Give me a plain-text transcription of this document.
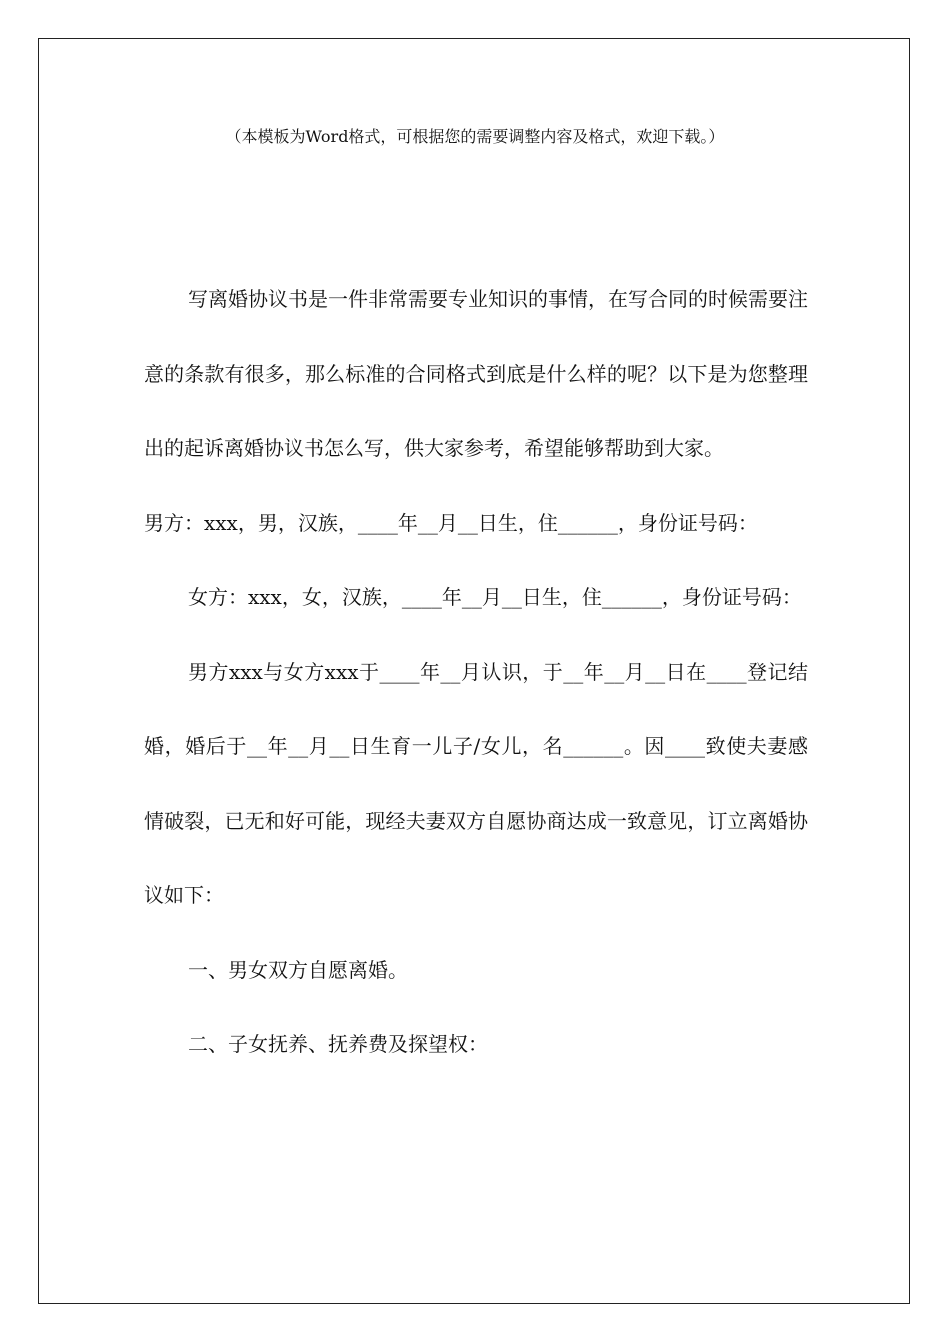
（本模板为Word格式，可根据您的需要调整内容及格式，欢迎下载。）

写离婚协议书是一件非常需要专业知识的事情，在写合同的时候需要注意的条款有很多，那么标准的合同格式到底是什么样的呢？以下是为您整理出的起诉离婚协议书怎么写，供大家参考，希望能够帮助到大家。

男方：xxx，男，汉族，____年__月__日生，住______，身份证号码：

女方：xxx，女，汉族，____年__月__日生，住______，身份证号码：

男方xxx与女方xxx于____年__月认识，于__年__月__日在____登记结婚，婚后于__年__月__日生育一儿子/女儿，名______。因____致使夫妻感情破裂，已无和好可能，现经夫妻双方自愿协商达成一致意见，订立离婚协议如下：

一、男女双方自愿离婚。

二、子女抚养、抚养费及探望权：
